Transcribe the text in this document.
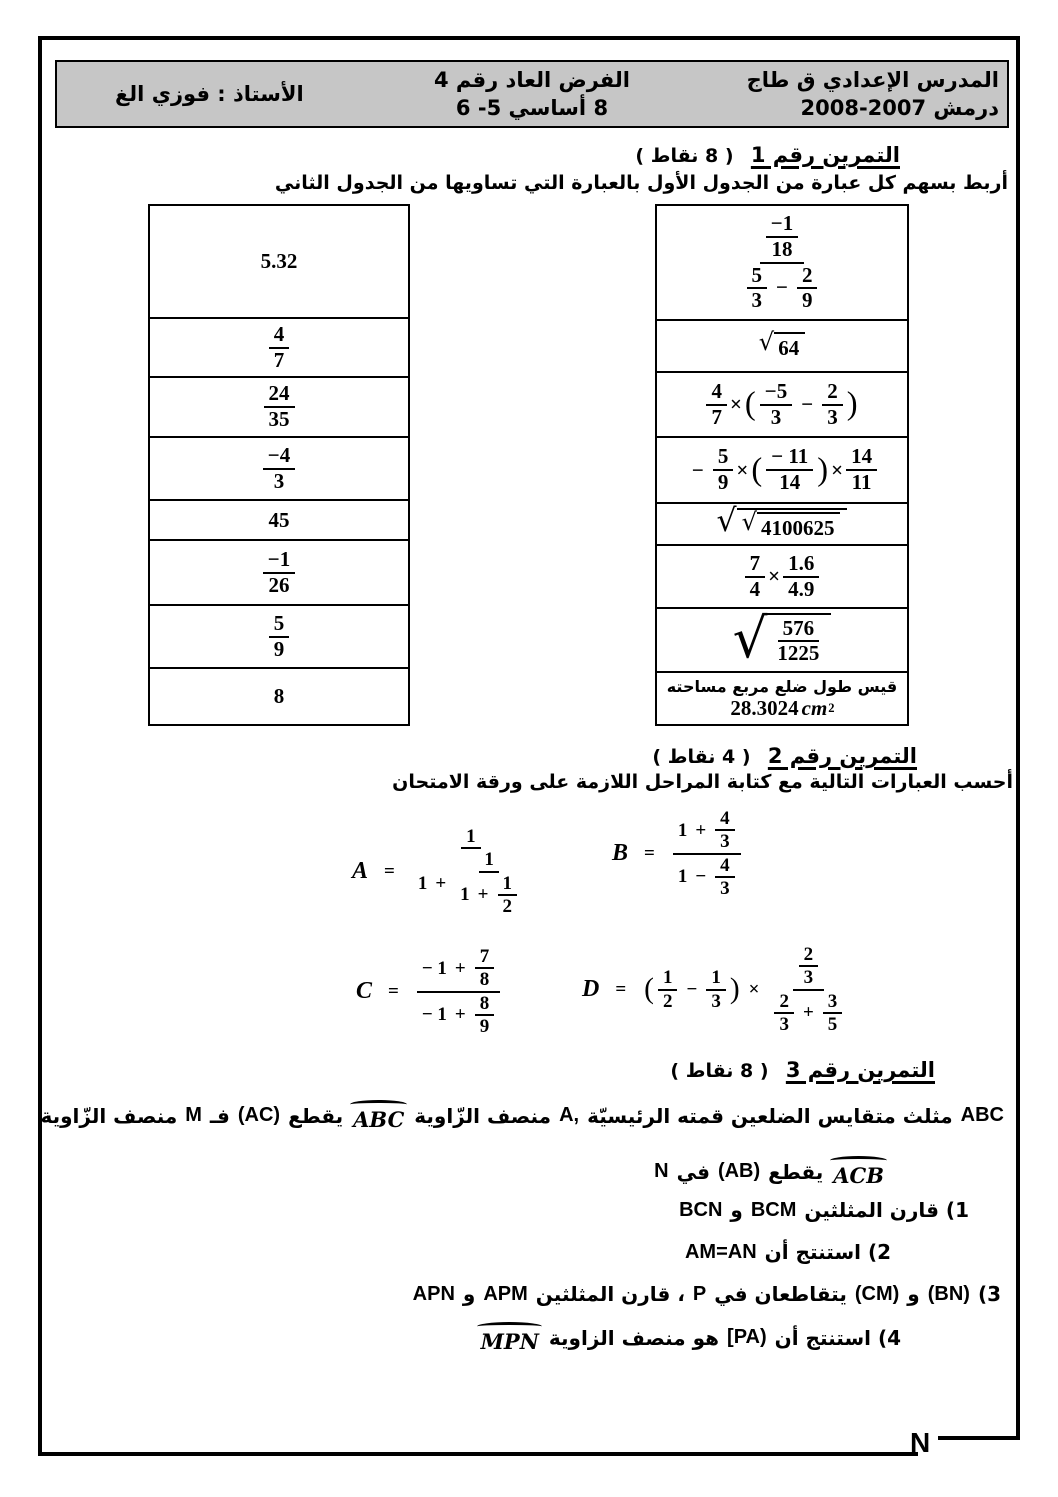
N
المدرس الإعدادي ق طاج
درمش 2007-2008
الفرض العاد رقم 4
8 أساسي 5- 6
الأستاذ : فوزي الغ
التمرين رقم 1 ( 8 نقاط )
أربط بسهم كل عبارة من الجدول الأول بالعبارة التي تساويها من الجدول الثاني
$\frac{\frac{-1}{18}}{\frac{5}{3} - \frac{2}{9}}$
√ 64
$\frac{4}{7}$ × ( $\frac{-5}{3} - \frac{2}{3}$ )
− $\frac{5}{9}$ × ( $\frac{- 11}{14}$ ) × $\frac{14}{11}$
√ √ 4100625
$\frac{7}{4} \times \frac{1.6}{4.9}$
√ $\frac{576}{1225}$
قيس طول ضلع مربع مساحته
28.3024 cm 2
5.32
$\frac{4}{7}$
$\frac{24}{35}$
$\frac{-4}{3}$
45
$\frac{-1}{26}$
$\frac{5}{9}$
8
التمرين رقم 2 ( 4 نقاط )
أحسب العبارات التالية مع كتابة المراحل اللازمة على ورقة الامتحان
$A = \frac{1}{1 + \frac{1}{1 + \frac{1}{2}}}$	$B = \frac{1 + \frac{4}{3}}{1 - \frac{4}{3}}$
$C = \frac{- 1 + \frac{7}{8}}{- 1 + \frac{8}{9}}$	D = ( $\frac{1}{2} - \frac{1}{3}$ ) × $\frac{\frac{2}{3}}{\frac{2}{3} + \frac{3}{5}}$
التمرين رقم 3 ( 8 نقاط )
ABC
مثلث متقايس الضلعين قمته الرئيسيّة
A,
منصف الزّاوية
ABC
يقطع
(AC)
فـ
M
منصف الزّاوية
ACB
يقطع
(AB)
في
N
1) قارن المثلثين
BCM
و
BCN
2) استنتج أن
AM=AN
3)
(BN)
و
(CM)
يتقاطعان في
P
، قارن المثلثين
APM
و
APN
4) استنتج أن
[PA)
هو منصف الزاوية
MPN
